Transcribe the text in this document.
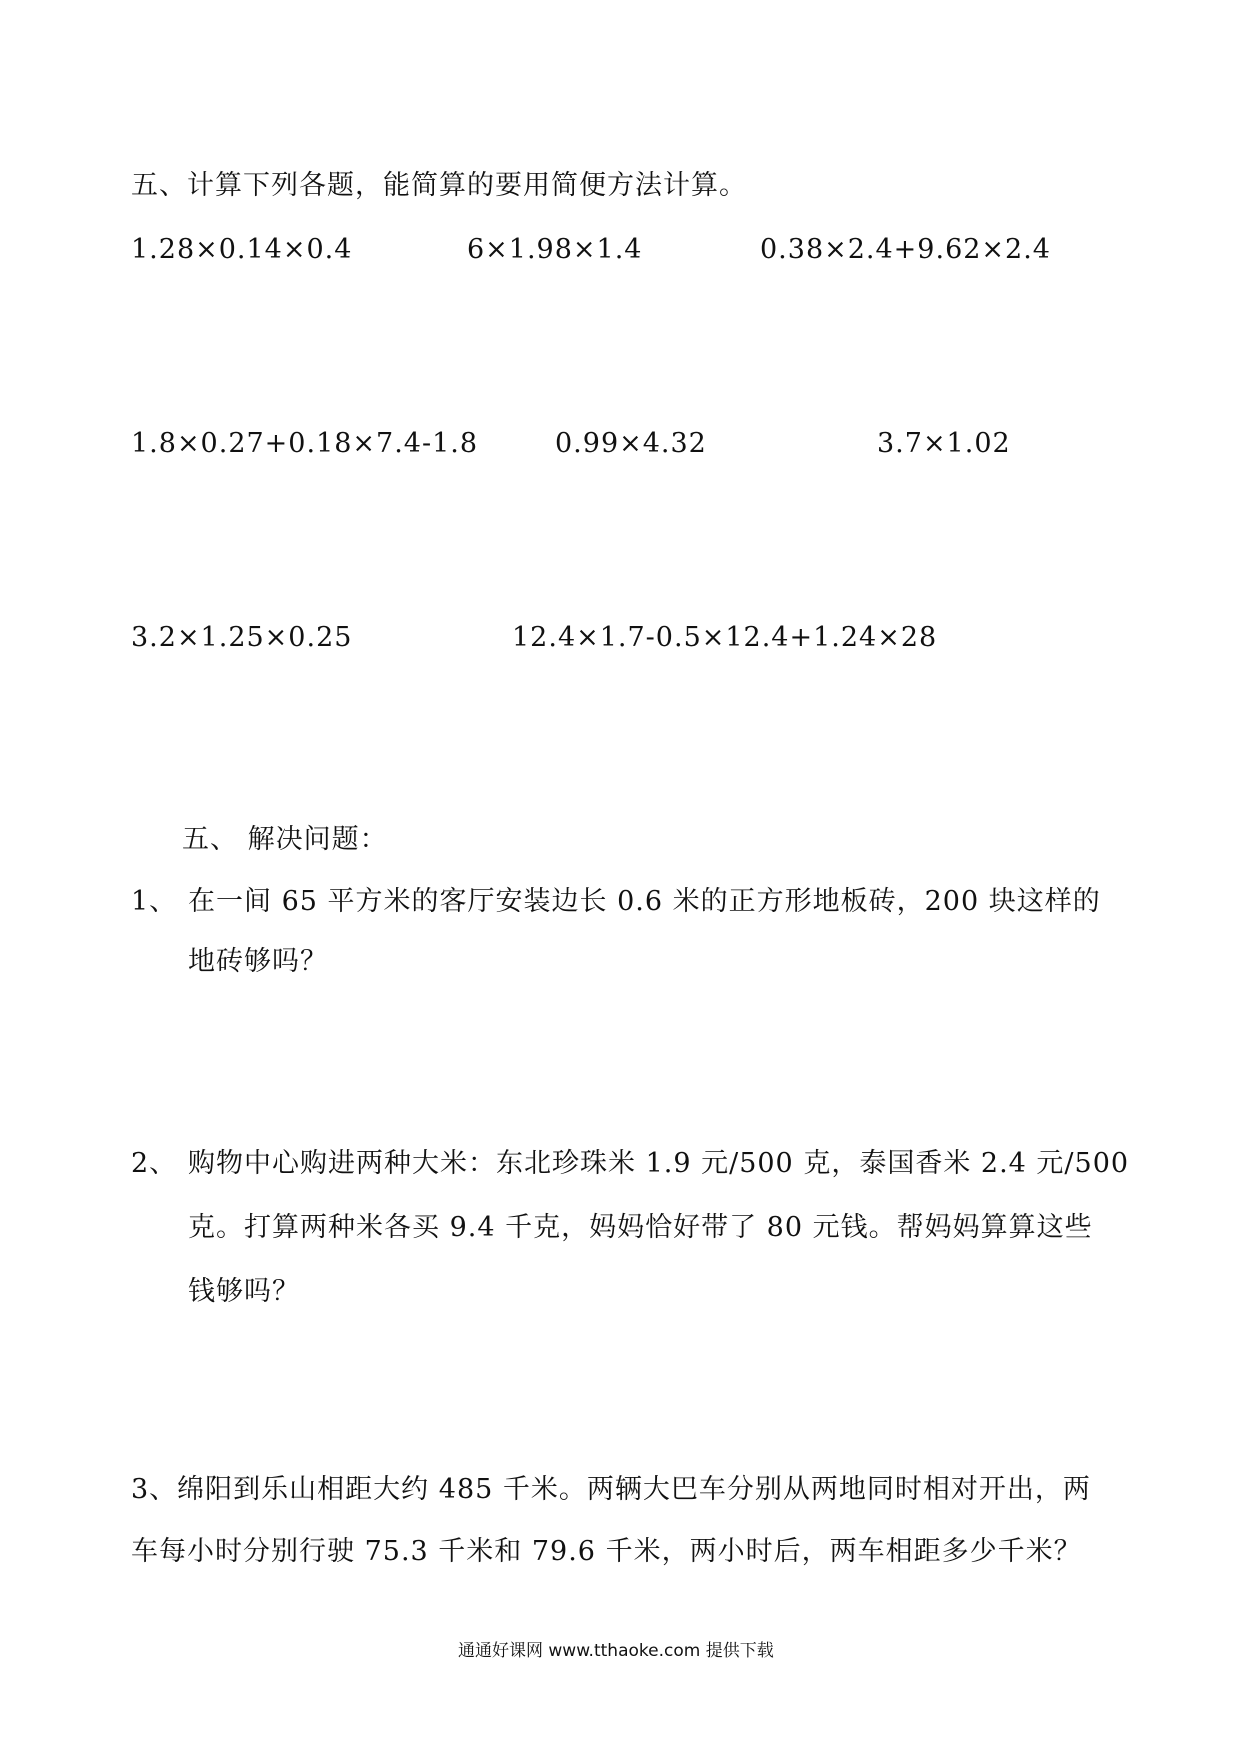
五、计算下列各题，能简算的要用简便方法计算。
1.28×0.14×0.4	6×1.98×1.4	0.38×2.4+9.62×2.4
1.8×0.27+0.18×7.4-1.8	0.99×4.32	3.7×1.02
3.2×1.25×0.25	12.4×1.7-0.5×12.4+1.24×28
五、 解决问题：
1、 在一间 65 平方米的客厅安装边长 0.6 米的正方形地板砖，200 块这样的
地砖够吗？
2、 购物中心购进两种大米：东北珍珠米 1.9 元/500 克，泰国香米 2.4 元/500
克。打算两种米各买 9.4 千克，妈妈恰好带了 80 元钱。帮妈妈算算这些
钱够吗？
3、绵阳到乐山相距大约 485 千米。两辆大巴车分别从两地同时相对开出，两
车每小时分别行驶 75.3 千米和 79.6 千米，两小时后，两车相距多少千米？
通通好课网 www.tthaoke.com 提供下载
